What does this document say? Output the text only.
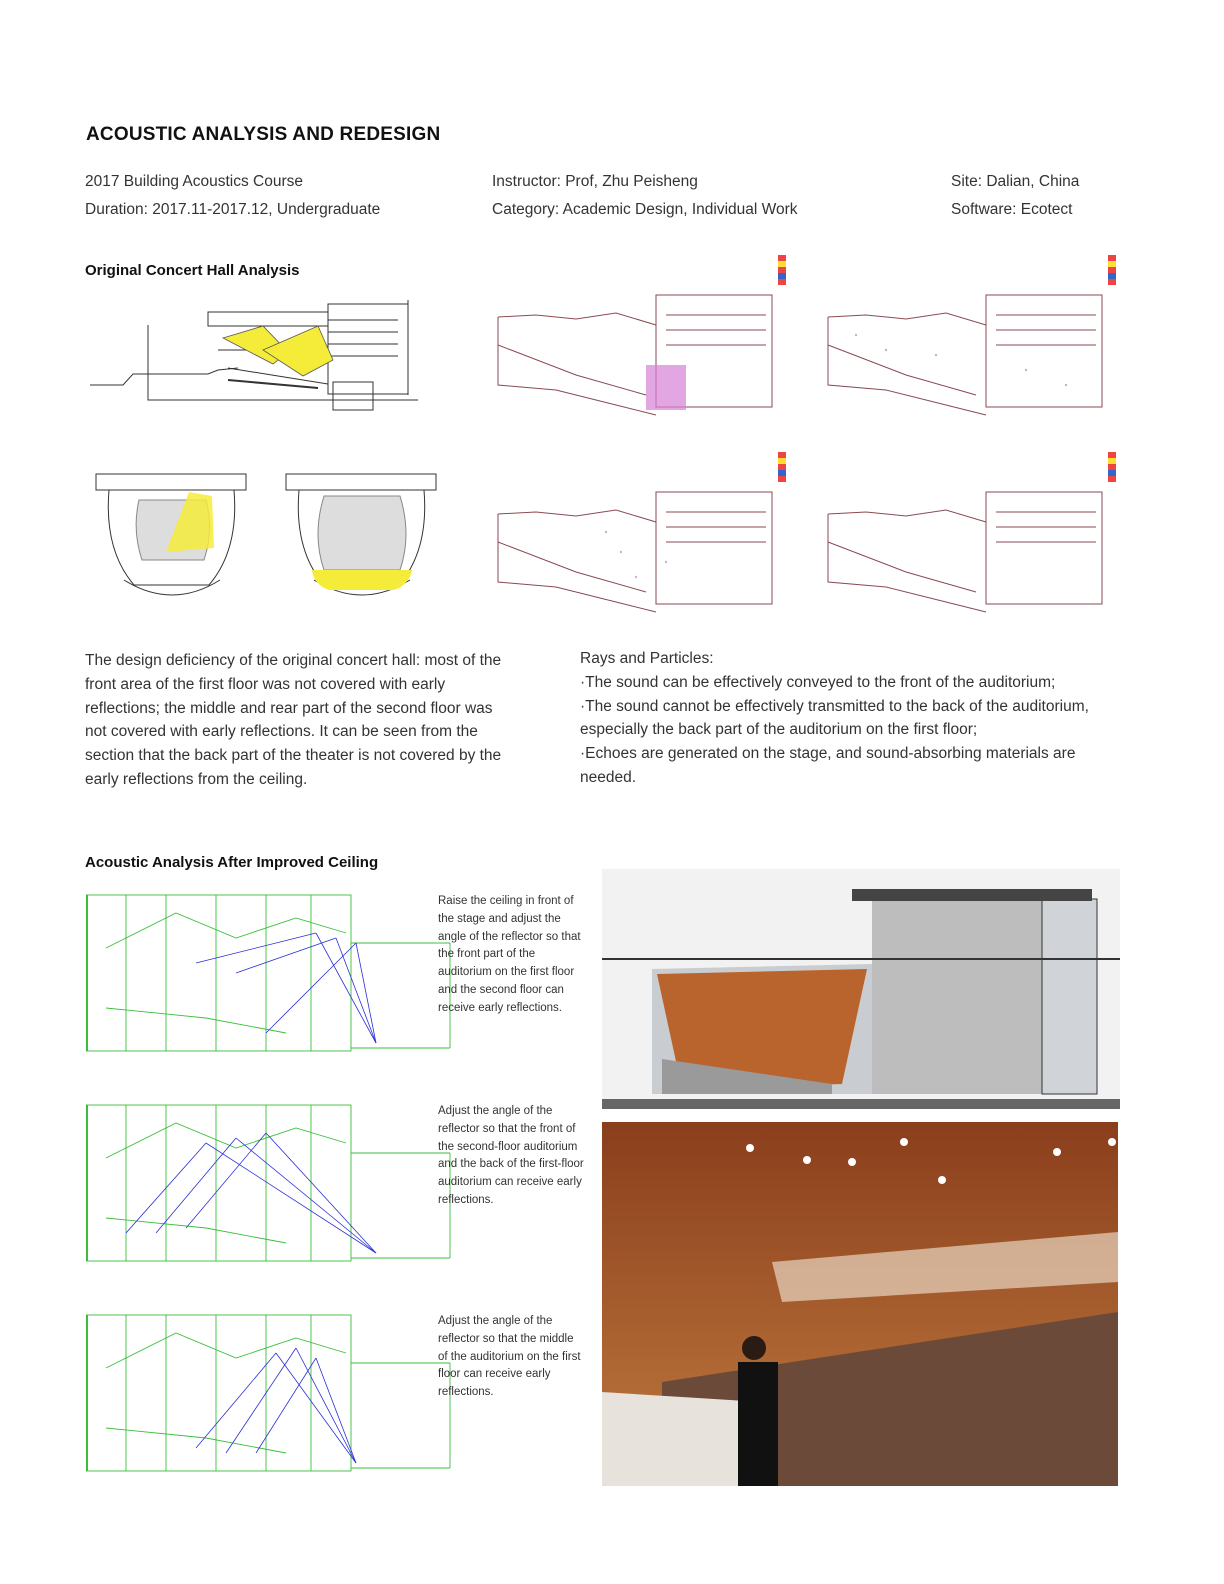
ACOUSTIC ANALYSIS AND REDESIGN
2017 Building Acoustics Course
Duration: 2017.11-2017.12, Undergraduate
Instructor: Prof, Zhu Peisheng
Category: Academic Design, Individual Work
Site: Dalian, China
Software: Ecotect
Original Concert Hall Analysis
The design deficiency of the original concert hall: most of the front area of the first floor was not covered with early reflections; the middle and rear part of the second floor was not covered with early reflections. It can be seen from the section that the back part of the theater is not covered by the early reflections from the ceiling.
Rays and Particles:
·The sound can be effectively conveyed to the front of the auditorium;
·The sound cannot be effectively transmitted to the back of the auditorium, especially the back part of the auditorium on the first floor;
·Echoes are generated on the stage, and sound-absorbing materials are needed.
Acoustic Analysis After Improved Ceiling
Raise the ceiling in front of the stage and adjust the angle of the reflector so that the front part of the auditorium on the first floor and the second floor can receive early reflections.
Adjust the angle of the reflector so that the front of the second-floor auditorium and the back of the first-floor auditorium can receive early reflections.
Adjust the angle of the reflector so that the middle of the auditorium on the first floor can receive early reflections.
